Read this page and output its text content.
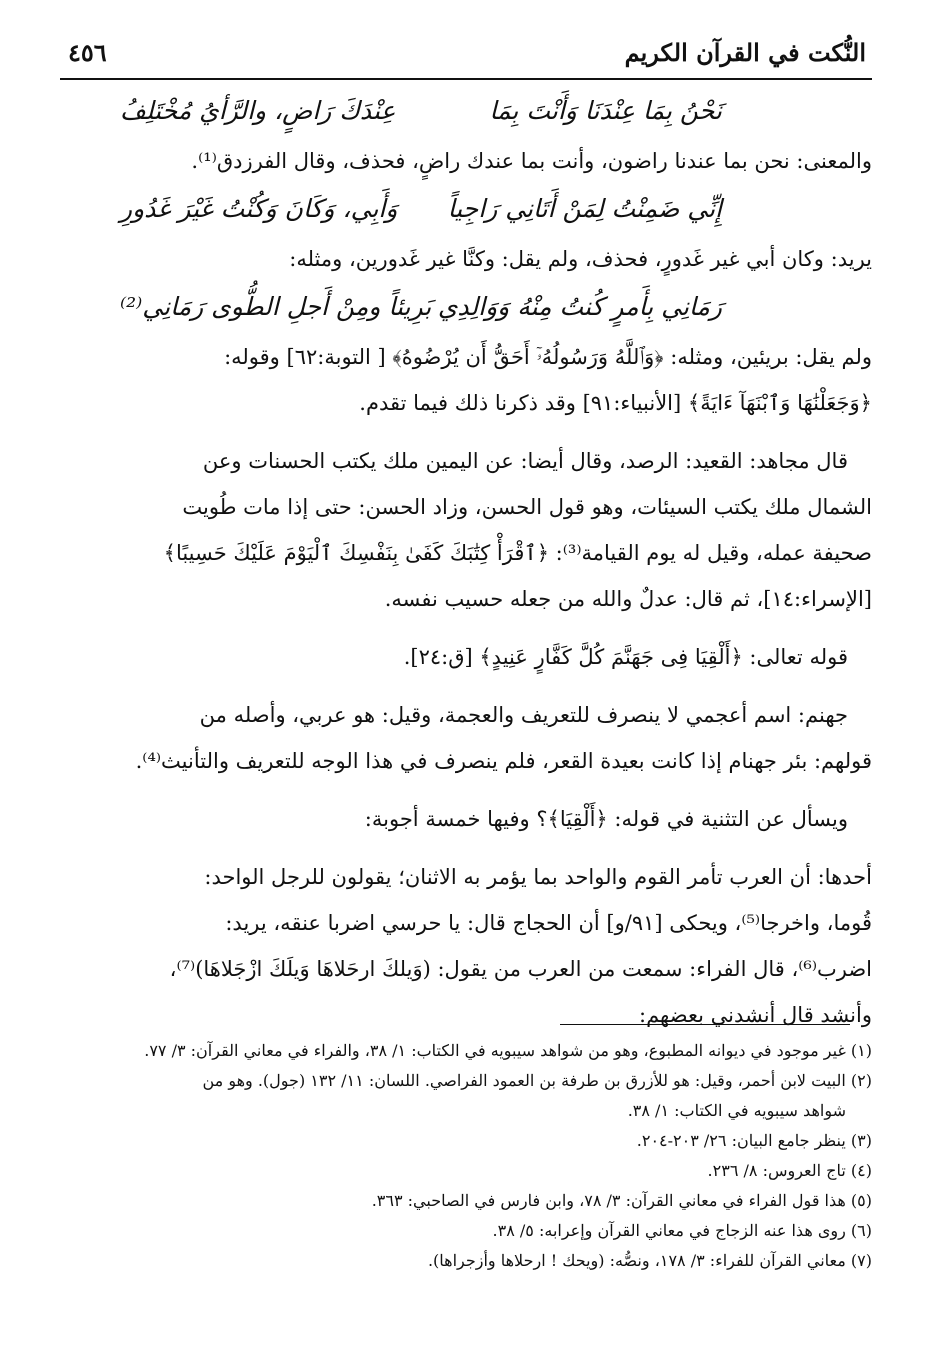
النُّكت في القرآن الكريم
٤٥٦
نَحْنُ بِمَا عِنْدَنَا وَأَنْتَ بِمَا
عِنْدَكَ رَاضٍ، والرَّأيُ مُخْتَلِفُ
والمعنى: نحن بما عندنا راضون، وأنت بما عندك راضٍ، فحذف، وقال الفرزدق⁽¹⁾.
إِنِّي ضَمِنْتُ لِمَنْ أَتَانِي رَاجِياً
وَأَبِي، وَكَانَ وَكُنْتُ غَيْرَ غَدُورِ
يريد: وكان أبي غير غَدورٍ، فحذف، ولم يقل: وكنَّا غير غَدورين، ومثله:
رَمَانِي بِأَمرٍ كُنتُ مِنْهُ وَوَالِدِي
بَرِيئاً ومِنْ أَجلِ الطُّوى رَمَانِي⁽²⁾
ولم يقل: بريئين، ومثله: ﴿وَٱللَّهُ وَرَسُولُهُۥٓ أَحَقُّ أَن يُرْضُوهُ﴾ [ التوبة:٦٢] وقوله:
﴿وَجَعَلْنَٰهَا وَٱبْنَهَآ ءَايَةً﴾ [الأنبياء:٩١] وقد ذكرنا ذلك فيما تقدم.
قال مجاهد: القعيد: الرصد، وقال أيضا: عن اليمين ملك يكتب الحسنات وعن
الشمال ملك يكتب السيئات، وهو قول الحسن، وزاد الحسن: حتى إذا مات طُويت
صحيفة عمله، وقيل له يوم القيامة⁽³⁾: ﴿ٱقْرَأْ كِتَٰبَكَ كَفَىٰ بِنَفْسِكَ ٱلْيَوْمَ عَلَيْكَ حَسِيبًا﴾
[الإسراء:١٤]، ثم قال: عدلٌ والله من جعله حسيب نفسه.
قوله تعالى: ﴿أَلْقِيَا فِى جَهَنَّمَ كُلَّ كَفَّارٍ عَنِيدٍ﴾ [ق:٢٤].
جهنم: اسم أعجمي لا ينصرف للتعريف والعجمة، وقيل: هو عربي، وأصله من
قولهم: بئر جهنام إذا كانت بعيدة القعر، فلم ينصرف في هذا الوجه للتعريف والتأنيث⁽⁴⁾.
ويسأل عن التثنية في قوله: ﴿أَلْقِيَا﴾؟ وفيها خمسة أجوبة:
أحدها: أن العرب تأمر القوم والواحد بما يؤمر به الاثنان؛ يقولون للرجل الواحد:
قُوما، واخرجا⁽⁵⁾، ويحكى [٩١/و] أن الحجاج قال: يا حرسي اضربا عنقه، يريد:
اضرب⁽⁶⁾، قال الفراء: سمعت من العرب من يقول: (وَيلكَ ارحَلاهَا وَيلَكَ ازْجَلاهَا)⁽⁷⁾،
وأنشد قال أنشدني بعضهم:
(١) غير موجود في ديوانه المطبوع، وهو من شواهد سيبويه في الكتاب: ١/ ٣٨، والفراء في معاني القرآن: ٣/ ٧٧.
(٢) البيت لابن أحمر، وقيل: هو للأزرق بن طرفة بن العمود الفراصي. اللسان: ١١/ ١٣٢ (جول). وهو من
شواهد سيبويه في الكتاب: ١/ ٣٨.
(٣) ينظر جامع البيان: ٢٦/ ٢٠٣-٢٠٤.
(٤) تاج العروس: ٨/ ٢٣٦.
(٥) هذا قول الفراء في معاني القرآن: ٣/ ٧٨، وابن فارس في الصاحبي: ٣٦٣.
(٦) روى هذا عنه الزجاج في معاني القرآن وإعرابه: ٥/ ٣٨.
(٧) معاني القرآن للفراء: ٣/ ١٧٨، ونصُّه: (ويحك ! ارحلاها وأزجراها).
